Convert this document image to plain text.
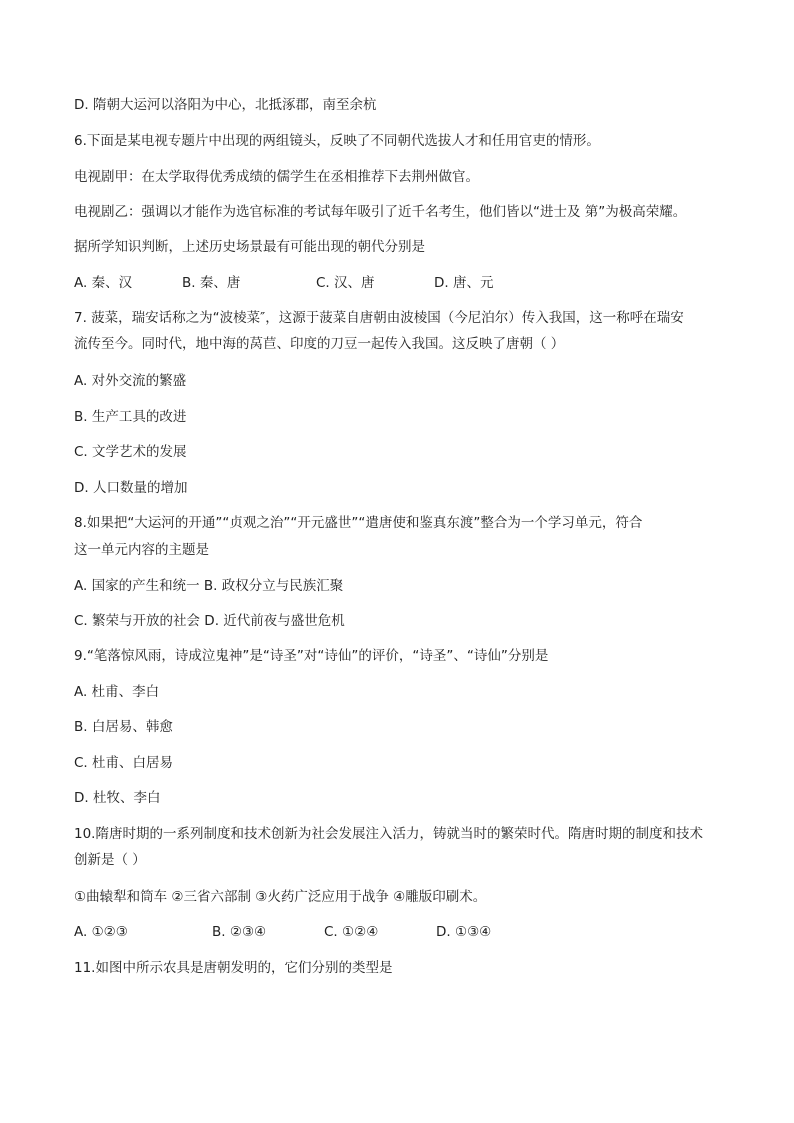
D. 隋朝大运河以洛阳为中心，北抵涿郡，南至余杭
6.下面是某电视专题片中出现的两组镜头，反映了不同朝代选拔人才和任用官吏的情形。
电视剧甲：在太学取得优秀成绩的儒学生在丞相推荐下去荆州做官。
电视剧乙：强调以才能作为选官标准的考试每年吸引了近千名考生，他们皆以“进士及 第”为极高荣耀。
据所学知识判断，上述历史场景最有可能出现的朝代分别是
A. 秦、汉	B. 秦、唐	C. 汉、唐	D. 唐、元
7. 菠菜，瑞安话称之为“波棱菜″，这源于菠菜自唐朝由波棱国（今尼泊尔）传入我国，这一称呼在瑞安
流传至今。同时代，地中海的莴苣、印度的刀豆一起传入我国。这反映了唐朝（ ）
A. 对外交流的繁盛
B. 生产工具的改进
C. 文学艺术的发展
D. 人口数量的增加
8.如果把“大运河的开通”“贞观之治”“开元盛世”“遣唐使和鉴真东渡”整合为一个学习单元，符合
这一单元内容的主题是
A. 国家的产生和统一 B. 政权分立与民族汇聚
C. 繁荣与开放的社会 D. 近代前夜与盛世危机
9.“笔落惊风雨，诗成泣鬼神”是“诗圣”对“诗仙”的评价，“诗圣”、“诗仙”分别是
A. 杜甫、李白
B. 白居易、韩愈
C. 杜甫、白居易
D. 杜牧、李白
10.隋唐时期的一系列制度和技术创新为社会发展注入活力，铸就当时的繁荣时代。隋唐时期的制度和技术
创新是（ ）
①曲辕犁和筒车 ②三省六部制 ③火药广泛应用于战争 ④雕版印刷术。
A. ①②③	B. ②③④	C. ①②④	D. ①③④
11.如图中所示农具是唐朝发明的，它们分别的类型是
